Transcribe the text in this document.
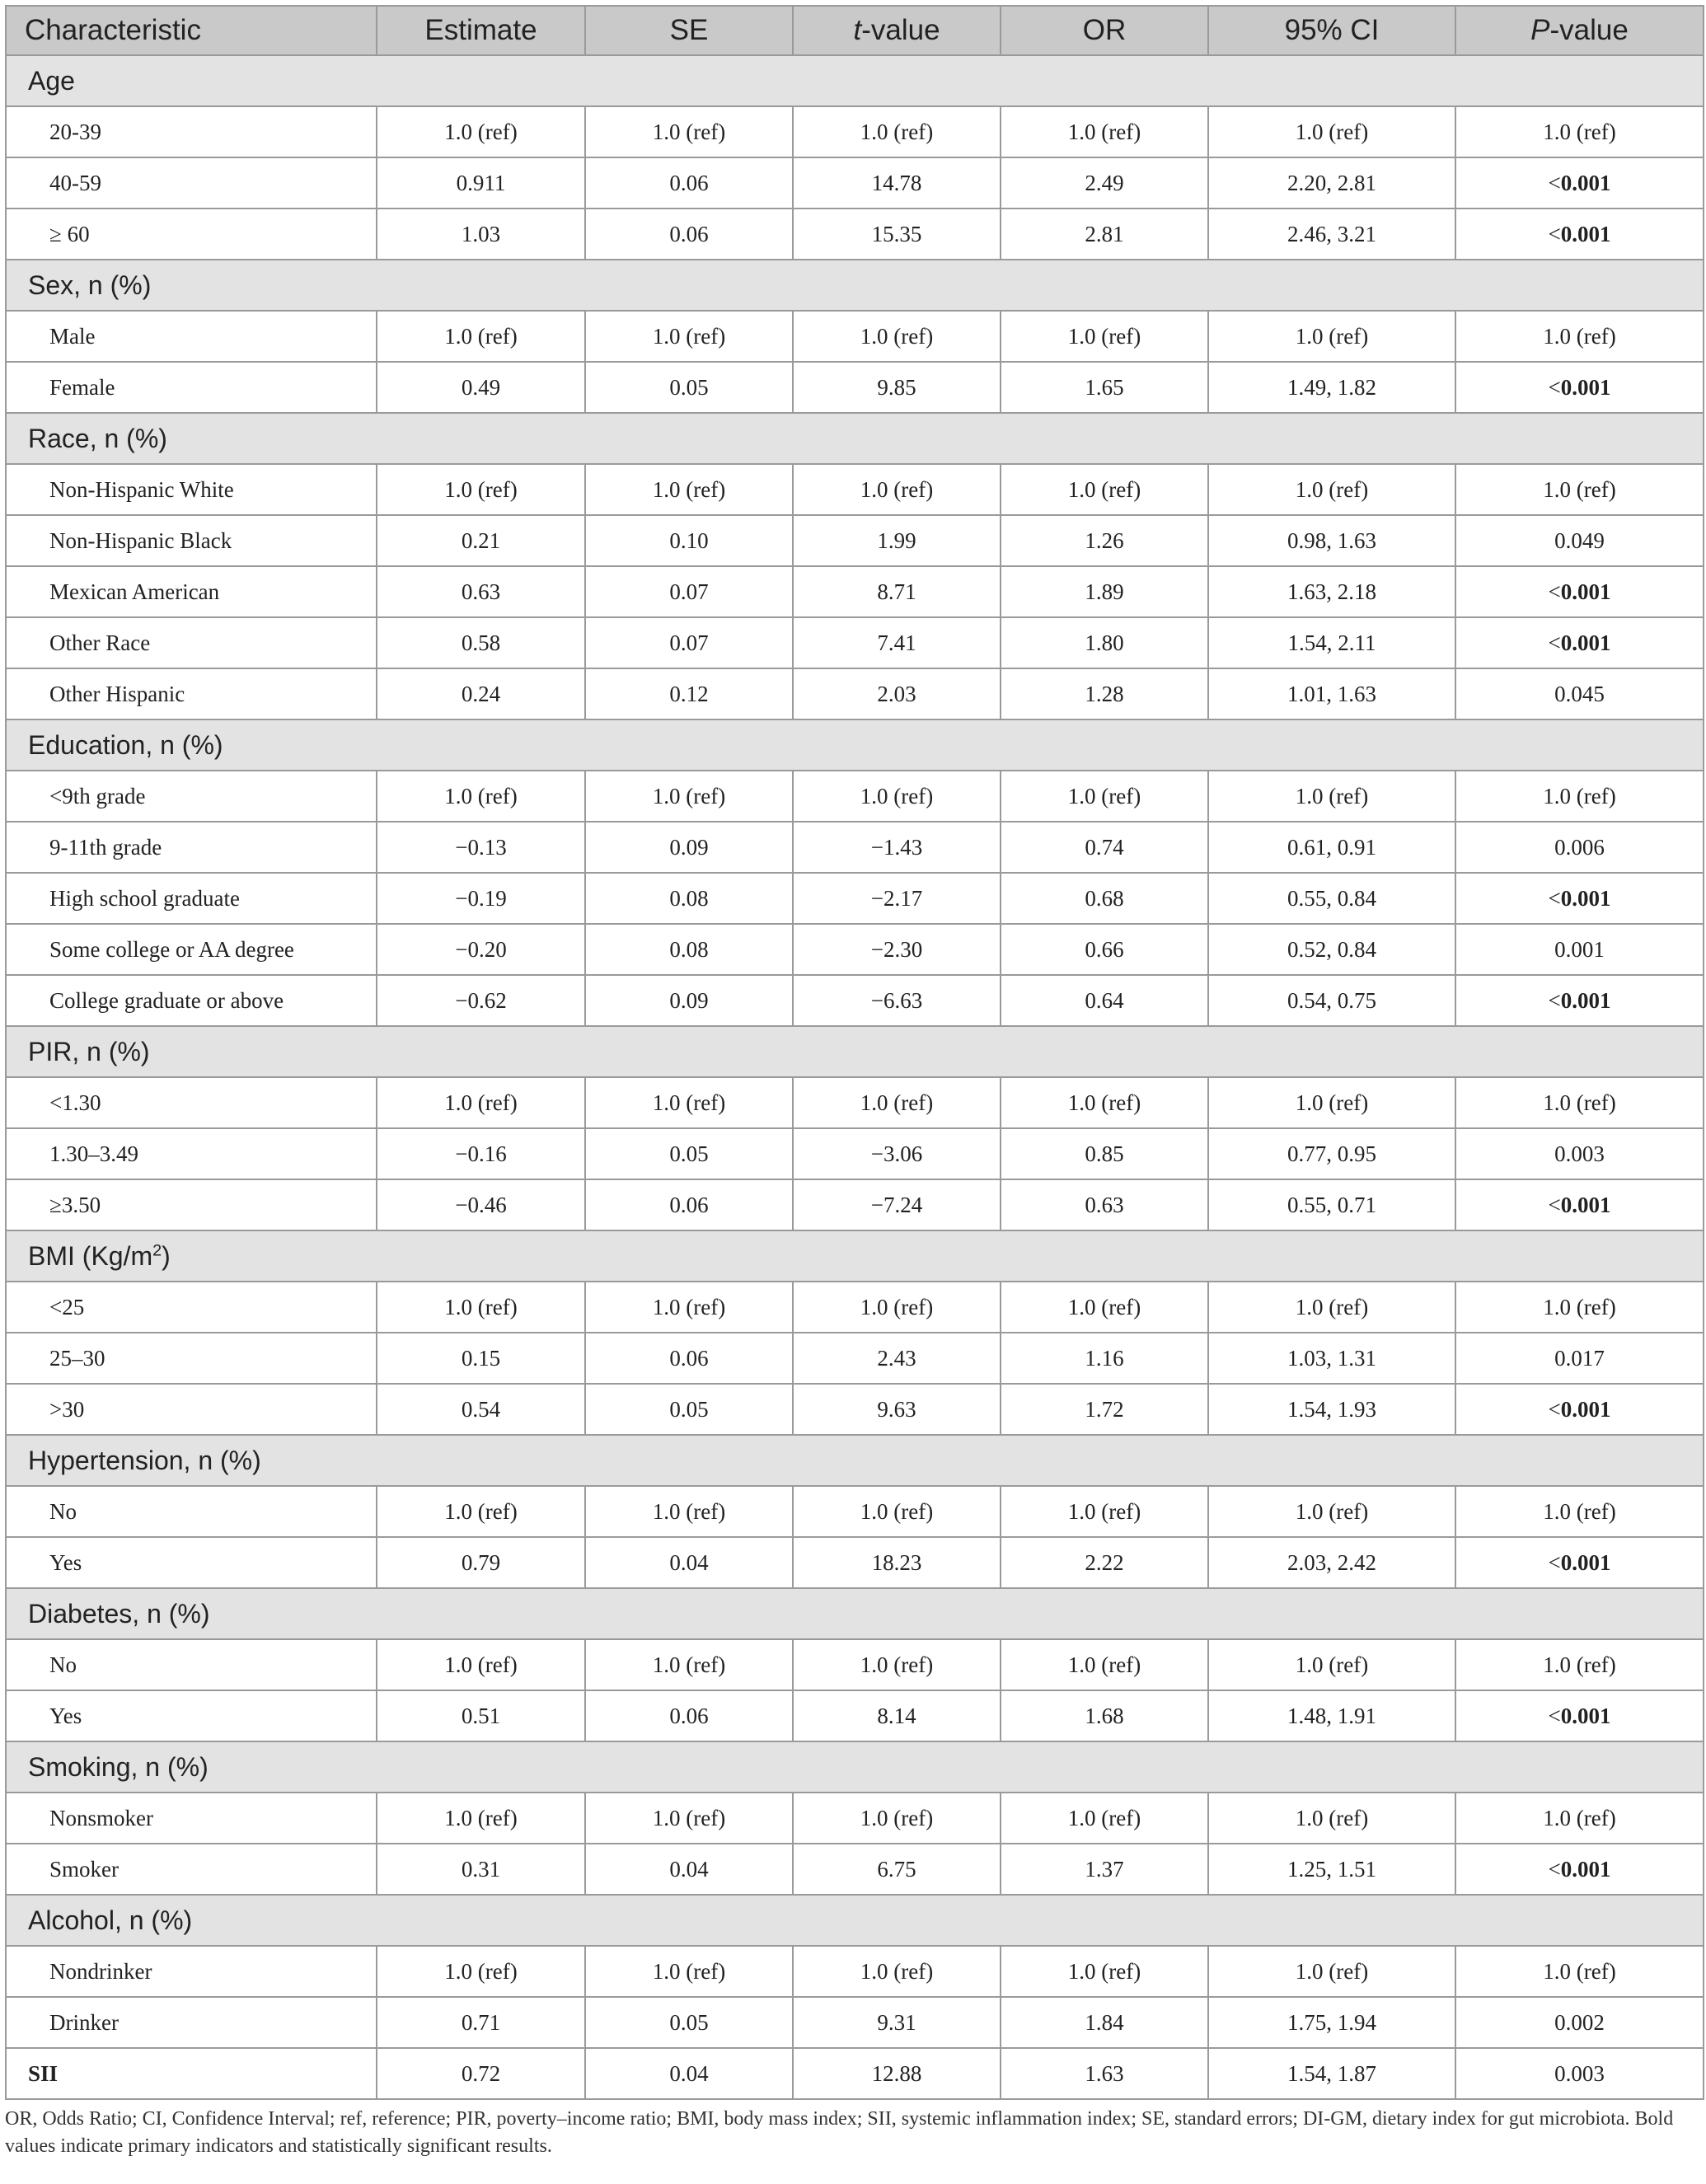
Characteristic	Estimate	SE	t-value	OR	95% CI	P-value
Age						
20-39	1.0 (ref)	1.0 (ref)	1.0 (ref)	1.0 (ref)	1.0 (ref)	1.0 (ref)
40-59	0.911	0.06	14.78	2.49	2.20, 2.81	<0.001
≥ 60	1.03	0.06	15.35	2.81	2.46, 3.21	<0.001
Sex, n (%)						
Male	1.0 (ref)	1.0 (ref)	1.0 (ref)	1.0 (ref)	1.0 (ref)	1.0 (ref)
Female	0.49	0.05	9.85	1.65	1.49, 1.82	<0.001
Race, n (%)						
Non-Hispanic White	1.0 (ref)	1.0 (ref)	1.0 (ref)	1.0 (ref)	1.0 (ref)	1.0 (ref)
Non-Hispanic Black	0.21	0.10	1.99	1.26	0.98, 1.63	0.049
Mexican American	0.63	0.07	8.71	1.89	1.63, 2.18	<0.001
Other Race	0.58	0.07	7.41	1.80	1.54, 2.11	<0.001
Other Hispanic	0.24	0.12	2.03	1.28	1.01, 1.63	0.045
Education, n (%)						
<9th grade	1.0 (ref)	1.0 (ref)	1.0 (ref)	1.0 (ref)	1.0 (ref)	1.0 (ref)
9-11th grade	−0.13	0.09	−1.43	0.74	0.61, 0.91	0.006
High school graduate	−0.19	0.08	−2.17	0.68	0.55, 0.84	<0.001
Some college or AA degree	−0.20	0.08	−2.30	0.66	0.52, 0.84	0.001
College graduate or above	−0.62	0.09	−6.63	0.64	0.54, 0.75	<0.001
PIR, n (%)						
<1.30	1.0 (ref)	1.0 (ref)	1.0 (ref)	1.0 (ref)	1.0 (ref)	1.0 (ref)
1.30–3.49	−0.16	0.05	−3.06	0.85	0.77, 0.95	0.003
≥3.50	−0.46	0.06	−7.24	0.63	0.55, 0.71	<0.001
BMI $(Kg/m^2)$						
<25	1.0 (ref)	1.0 (ref)	1.0 (ref)	1.0 (ref)	1.0 (ref)	1.0 (ref)
25–30	0.15	0.06	2.43	1.16	1.03, 1.31	0.017
>30	0.54	0.05	9.63	1.72	1.54, 1.93	<0.001
Hypertension, n (%)						
No	1.0 (ref)	1.0 (ref)	1.0 (ref)	1.0 (ref)	1.0 (ref)	1.0 (ref)
Yes	0.79	0.04	18.23	2.22	2.03, 2.42	<0.001
Diabetes, n (%)						
No	1.0 (ref)	1.0 (ref)	1.0 (ref)	1.0 (ref)	1.0 (ref)	1.0 (ref)
Yes	0.51	0.06	8.14	1.68	1.48, 1.91	<0.001
Smoking, n (%)						
Nonsmoker	1.0 (ref)	1.0 (ref)	1.0 (ref)	1.0 (ref)	1.0 (ref)	1.0 (ref)
Smoker	0.31	0.04	6.75	1.37	1.25, 1.51	<0.001
Alcohol, n (%)						
Nondrinker	1.0 (ref)	1.0 (ref)	1.0 (ref)	1.0 (ref)	1.0 (ref)	1.0 (ref)
Drinker	0.71	0.05	9.31	1.84	1.75, 1.94	0.002
SII	0.72	0.04	12.88	1.63	1.54, 1.87	0.003
OR, Odds Ratio; CI, Confidence Interval; ref, reference; PIR, poverty–income ratio; BMI, body mass index; SII, systemic inflammation index; SE, standard errors; DI-GM, dietary index for gut microbiota. Bold values indicate primary indicators and statistically significant results.
